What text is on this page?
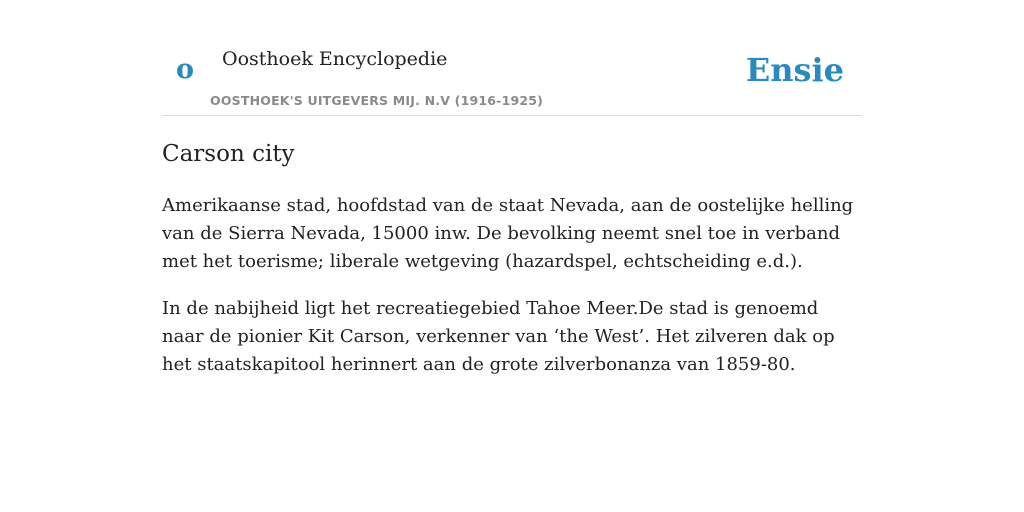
o Oosthoek Encyclopedie
OOSTHOEK'S UITGEVERS MIJ. N.V (1916-1925)
Ensie
Carson city

Amerikaanse stad, hoofdstad van de staat Nevada, aan de oostelijke helling van de Sierra Nevada, 15000 inw. De bevolking neemt snel toe in verband met het toerisme; liberale wetgeving (hazardspel, echtscheiding e.d.).

In de nabijheid ligt het recreatiegebied Tahoe Meer.De stad is genoemd naar de pionier Kit Carson, verkenner van ‘the West’. Het zilveren dak op het staatskapitool herinnert aan de grote zilverbonanza van 1859-80.
